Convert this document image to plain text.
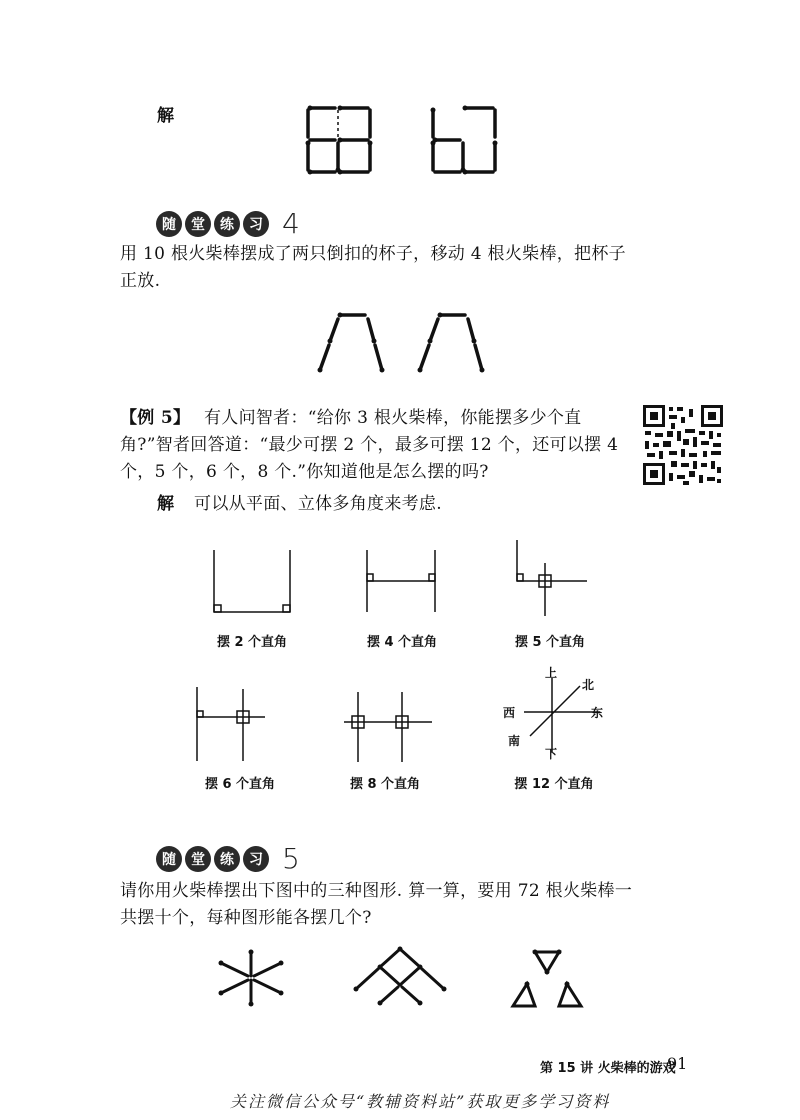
解
随	堂	练	习 4
用 10 根火柴棒摆成了两只倒扣的杯子，移动 4 根火柴棒，把杯子
正放.
【例 5】 有人问智者：“给你 3 根火柴棒，你能摆多少个直
角?”智者回答道：“最少可摆 2 个，最多可摆 12 个，还可以摆 4
个，5 个，6 个，8 个.”你知道他是怎么摆的吗?
解 可以从平面、立体多角度来考虑.
摆 2 个直角	摆 4 个直角	摆 5 个直角
摆 6 个直角	摆 8 个直角
上
北
西	东
南
下
摆 12 个直角
随	堂	练	习 5
请你用火柴棒摆出下图中的三种图形. 算一算，要用 72 根火柴棒一
共摆十个，每种图形能各摆几个?
第 15 讲 火柴棒的游戏
91
关注微信公众号“教辅资料站”获取更多学习资料
